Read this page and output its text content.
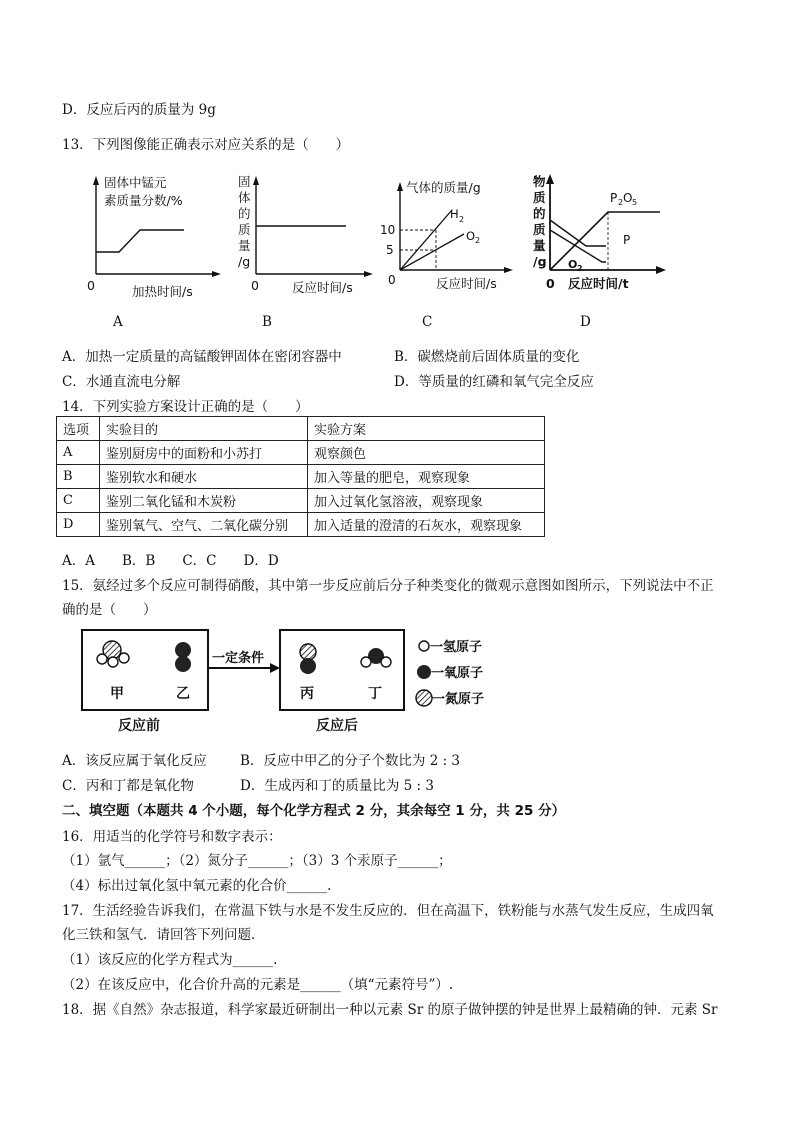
D．反应后丙的质量为 9g
13．下列图像能正确表示对应关系的是（　　）
固体中锰元
素质量分数/%
0	加热时间/s
A
固
体
的
质
量
/g
0	反应时间/s
B
气体的质量/g
10
5
0
H 2
O 2
反应时间/s
C
物
质
的
质
量
/g
0 反应时间/t
O 2
P 2 O 5
P
D
A．加热一定质量的高锰酸钾固体在密闭容器中	B．碳燃烧前后固体质量的变化
C．水通直流电分解	D．等质量的红磷和氧气完全反应
14．下列实验方案设计正确的是（　　）
选项	实验目的	实验方案
A	鉴别厨房中的面粉和小苏打	观察颜色
B	鉴别软水和硬水	加入等量的肥皂，观察现象
C	鉴别二氧化锰和木炭粉	加入过氧化氢溶液，观察现象
D	鉴别氧气、空气、二氧化碳分别	加入适量的澄清的石灰水，观察现象
A．A　　B．B　　C．C　　D．D
15．氨经过多个反应可制得硝酸，其中第一步反应前后分子种类变化的微观示意图如图所示，下列说法中不正
确的是（　　）
甲	乙
反应前
一定条件
丙	丁
反应后
一氢原子
一氧原子
一氮原子
A．该反应属于氧化反应 B．反应中甲乙的分子个数比为 2 : 3
C．丙和丁都是氧化物	D．生成丙和丁的质量比为 5 : 3
二、填空题（本题共 4 个小题，每个化学方程式 2 分，其余每空 1 分，共 25 分）
16．用适当的化学符号和数字表示：
（1）氩气______；（2）氮分子______；（3）3 个汞原子______；
（4）标出过氧化氢中氧元素的化合价______.
17．生活经验告诉我们，在常温下铁与水是不发生反应的．但在高温下，铁粉能与水蒸气发生反应，生成四氧
化三铁和氢气．请回答下列问题．
（1）该反应的化学方程式为______.
（2）在该反应中，化合价升高的元素是______（填“元素符号”）.
18．据《自然》杂志报道，科学家最近研制出一种以元素 Sr 的原子做钟摆的钟是世界上最精确的钟．元素 Sr
